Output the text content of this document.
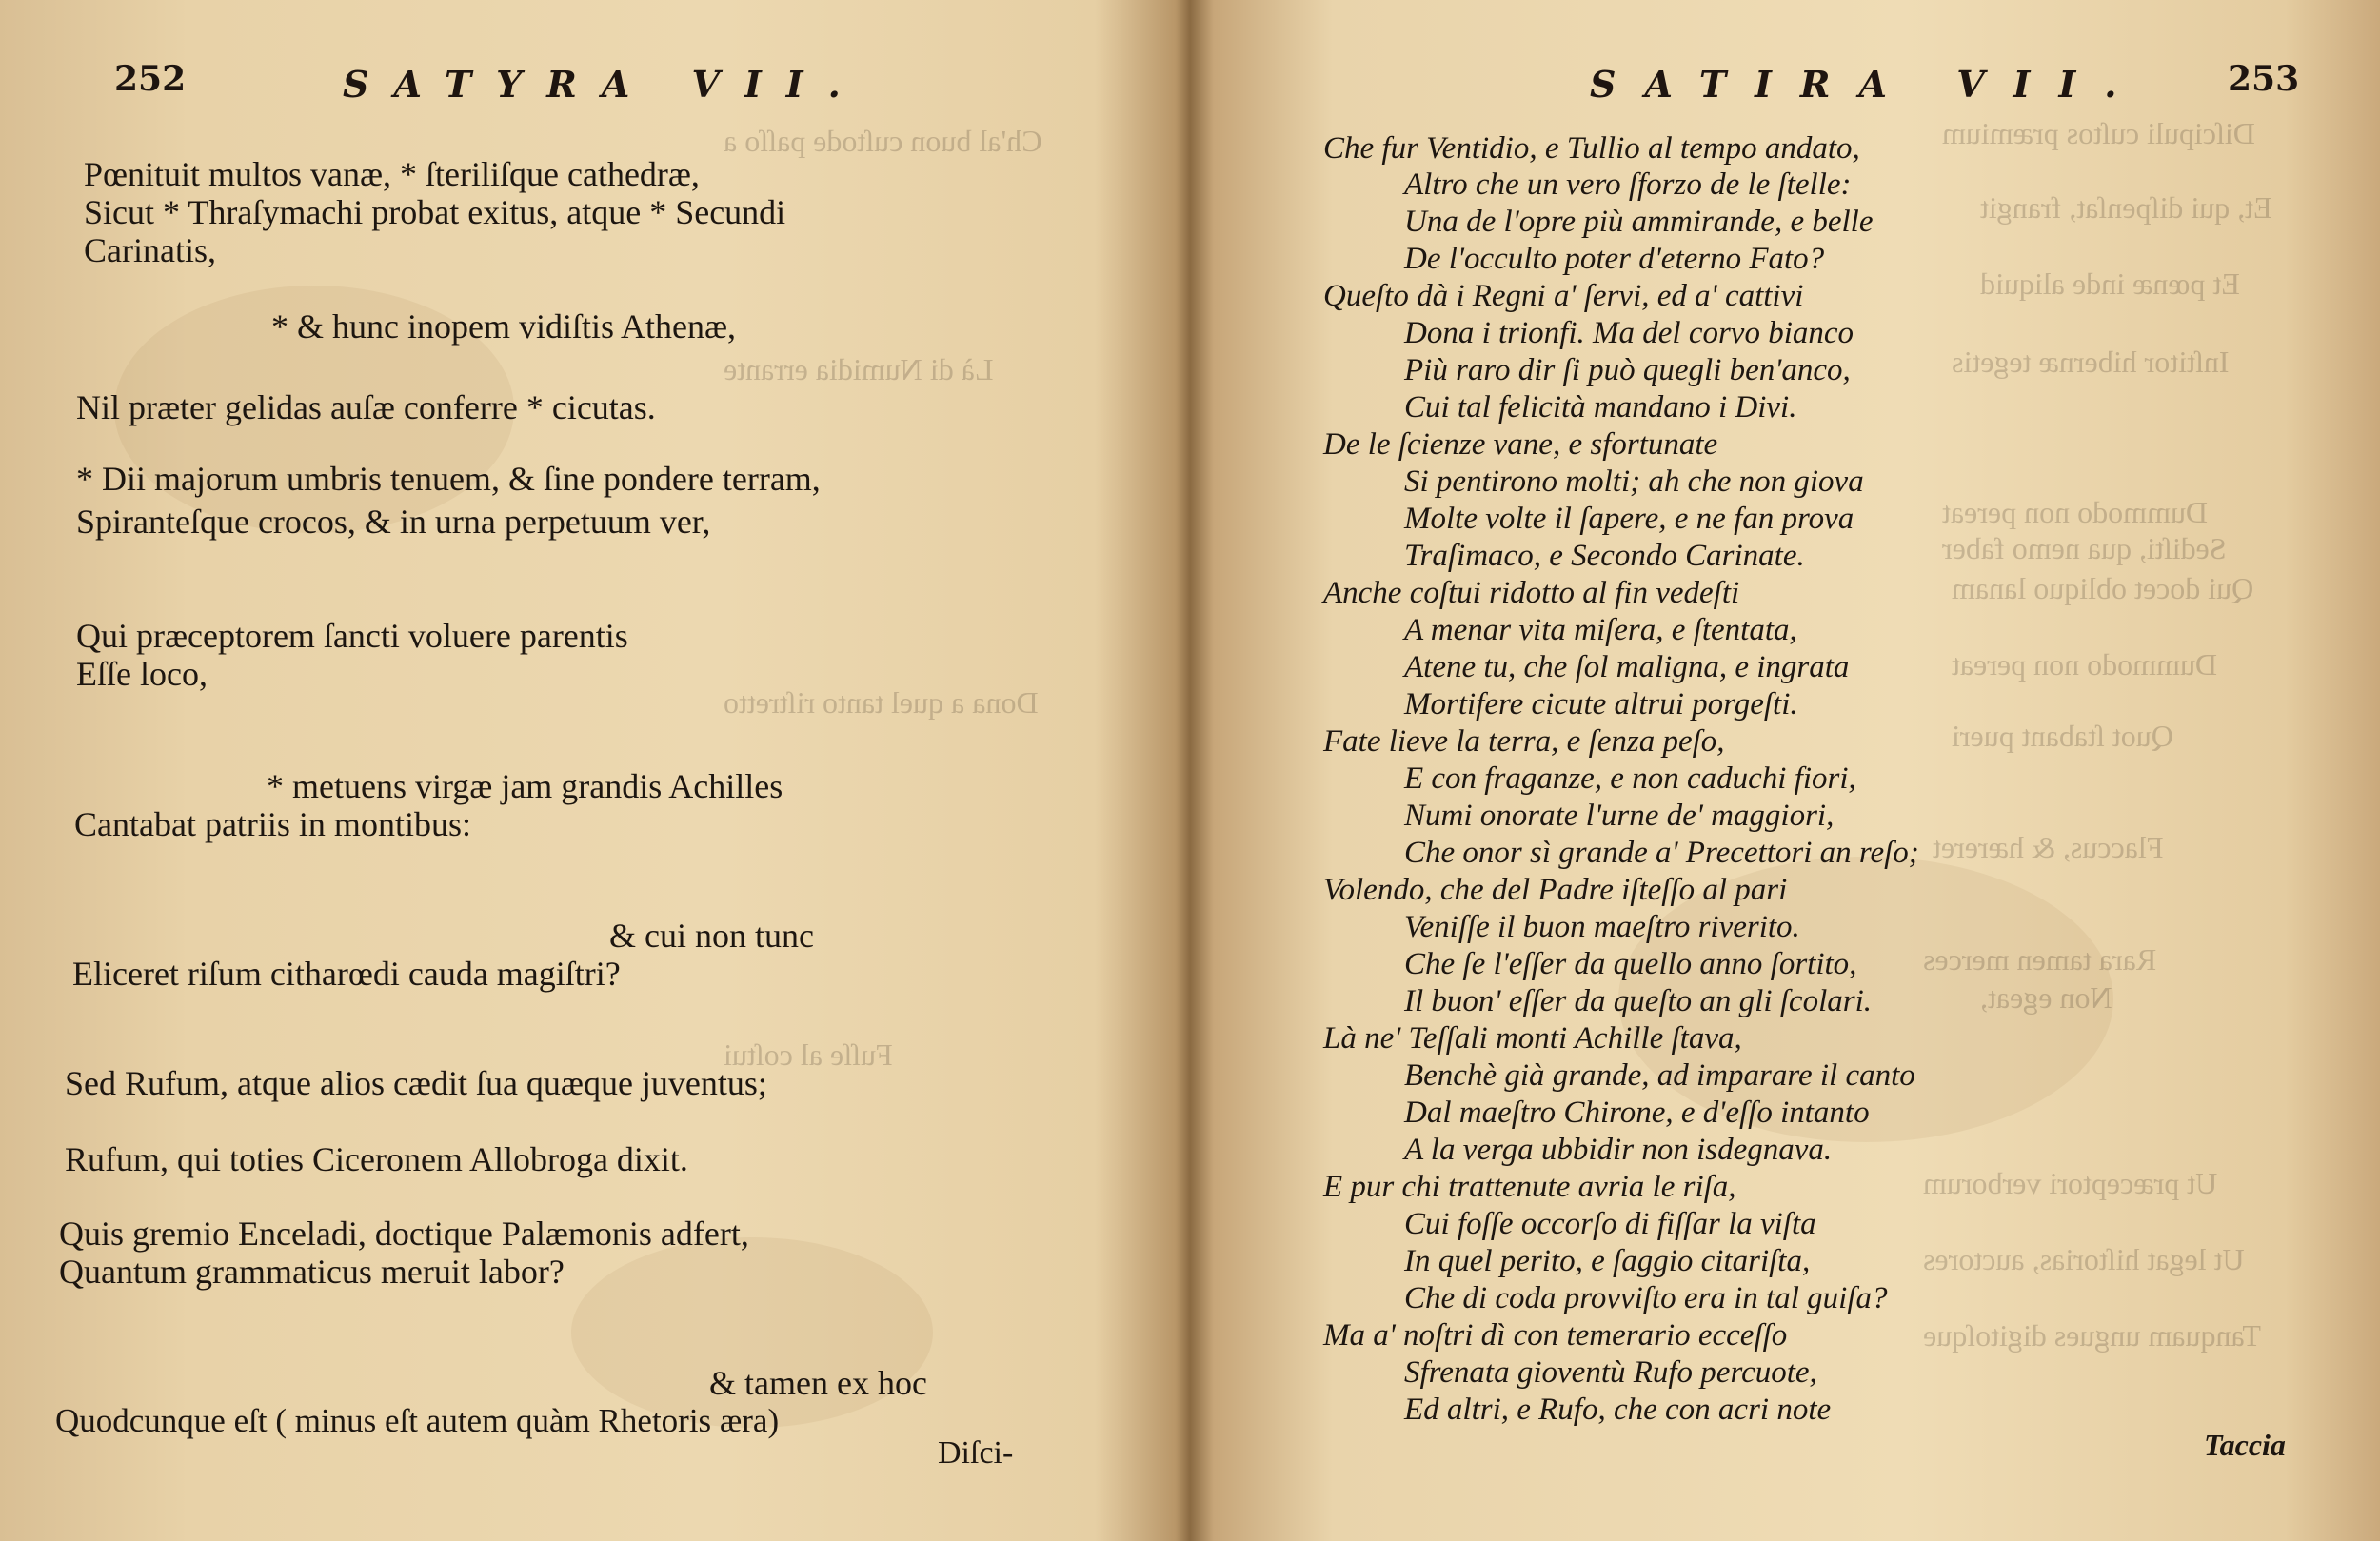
Ch'al buon cuſtode paſſo a
Là di Numidia errante
Dona a quel tanto riſtretto
Fuſſe al coſtui
252	SATYRA VII.
Pœnituit multos vanæ, * ſteriliſque cathedræ,
Sicut * Thraſymachi probat exitus, atque * Secundi
Carinatis,
* & hunc inopem vidiſtis Athenæ,
Nil præter gelidas auſæ conferre * cicutas.
* Dii majorum umbris tenuem, & ſine pondere terram,
Spiranteſque crocos, & in urna perpetuum ver,
Qui præceptorem ſancti voluere parentis
Eſſe loco,
* metuens virgæ jam grandis Achilles
Cantabat patriis in montibus:
& cui non tunc
Eliceret riſum citharœdi cauda magiſtri?
Sed Rufum, atque alios cædit ſua quæque juventus;
Rufum, qui toties Ciceronem Allobroga dixit.
Quis gremio Enceladi, doctique Palæmonis adfert,
Quantum grammaticus meruit labor?
& tamen ex hoc
Quodcunque eſt ( minus eſt autem quàm Rhetoris æra)
Diſci-
Diſcipuli cuſtos præmium
Et, qui diſpenſat, frangit
Et pœnæ inde aliquid
Inſtitor hibernæ tegetis
Dummodo non pereat
Sediſti, qua nemo faber
Qui docet obliquo lanam
Dummodo non pereat
Quot ſtabant pueri
Flaccus, & hæreret
Rara tamen merces
Non egeat,
Ut præceptori verborum
Ut legat hiſtorias, auctores
Tanquam ungues digitoſque
SATIRA VII. 253
Che fur Ventidio, e Tullio al tempo andato,
Altro che un vero ſforzo de le ſtelle:
Una de l'opre più ammirande, e belle
De l'occulto poter d'eterno Fato?
Queſto dà i Regni a' ſervi, ed a' cattivi
Dona i trionfi. Ma del corvo bianco
Più raro dir ſi può quegli ben'anco,
Cui tal felicità mandano i Divi.
De le ſcienze vane, e sfortunate
Si pentirono molti; ah che non giova
Molte volte il ſapere, e ne fan prova
Traſimaco, e Secondo Carinate.
Anche coſtui ridotto al fin vedeſti
A menar vita miſera, e ſtentata,
Atene tu, che ſol maligna, e ingrata
Mortifere cicute altrui porgeſti.
Fate lieve la terra, e ſenza peſo,
E con fraganze, e non caduchi fiori,
Numi onorate l'urne de' maggiori,
Che onor sì grande a' Precettori an reſo;
Volendo, che del Padre iſteſſo al pari
Veniſſe il buon maeſtro riverito.
Che ſe l'eſſer da quello anno ſortito,
Il buon' eſſer da queſto an gli ſcolari.
Là ne' Teſſali monti Achille ſtava,
Benchè già grande, ad imparare il canto
Dal maeſtro Chirone, e d'eſſo intanto
A la verga ubbidir non isdegnava.
E pur chi trattenute avria le riſa,
Cui foſſe occorſo di fiſſar la viſta
In quel perito, e ſaggio citariſta,
Che di coda provviſto era in tal guiſa?
Ma a' noſtri dì con temerario ecceſſo
Sfrenata gioventù Rufo percuote,
Ed altri, e Rufo, che con acri note
Taccia
